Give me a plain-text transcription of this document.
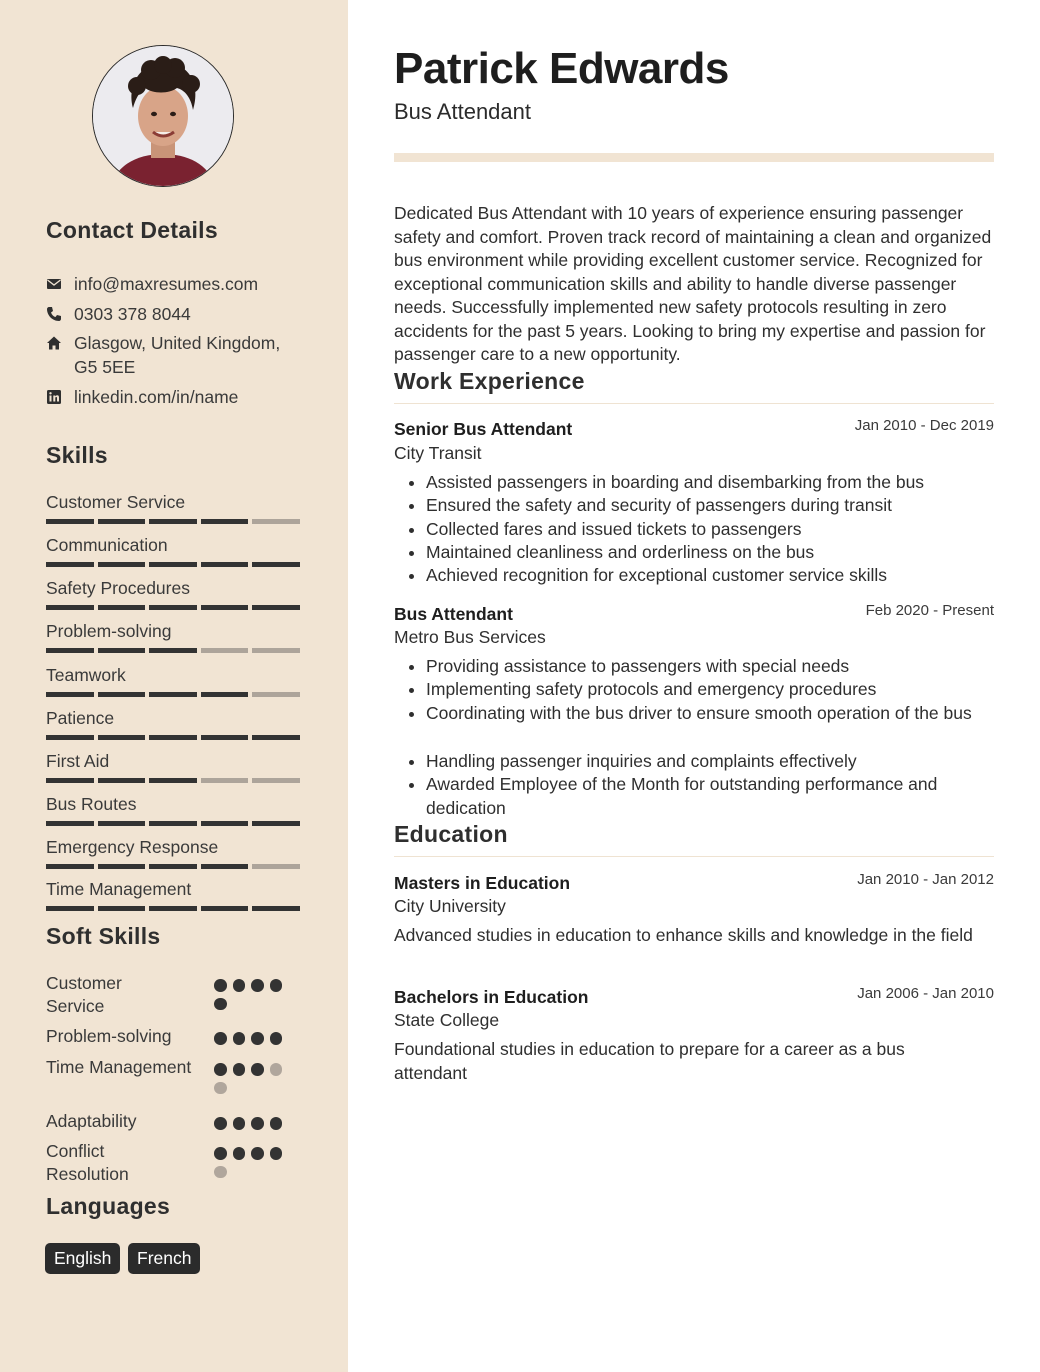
Contact Details
info@maxresumes.com
0303 378 8044
Glasgow, United Kingdom, G5 5EE
linkedin.com/in/name
Skills
Customer Service
Communication
Safety Procedures
Problem-solving
Teamwork
Patience
First Aid
Bus Routes
Emergency Response
Time Management
Soft Skills
Customer Service
Problem-solving
Time Management
Adaptability
Conflict Resolution
Languages
English	French
Patrick Edwards
Bus Attendant
Dedicated Bus Attendant with 10 years of experience ensuring passenger safety and comfort. Proven track record of maintaining a clean and organized bus environment while providing excellent customer service. Recognized for exceptional communication skills and ability to handle diverse passenger needs. Successfully implemented new safety protocols resulting in zero accidents for the past 5 years. Looking to bring my expertise and passion for passenger care to a new opportunity.
Work Experience
Senior Bus Attendant	Jan 2010 - Dec 2019
City Transit
• Assisted passengers in boarding and disembarking from the bus
• Ensured the safety and security of passengers during transit
• Collected fares and issued tickets to passengers
• Maintained cleanliness and orderliness on the bus
• Achieved recognition for exceptional customer service skills
Bus Attendant	Feb 2020 - Present
Metro Bus Services
• Providing assistance to passengers with special needs
• Implementing safety protocols and emergency procedures
• Coordinating with the bus driver to ensure smooth operation of the bus
• Handling passenger inquiries and complaints effectively
• Awarded Employee of the Month for outstanding performance and dedication
Education
Masters in Education	Jan 2010 - Jan 2012
City University
Advanced studies in education to enhance skills and knowledge in the field
Bachelors in Education	Jan 2006 - Jan 2010
State College
Foundational studies in education to prepare for a career as a bus attendant
